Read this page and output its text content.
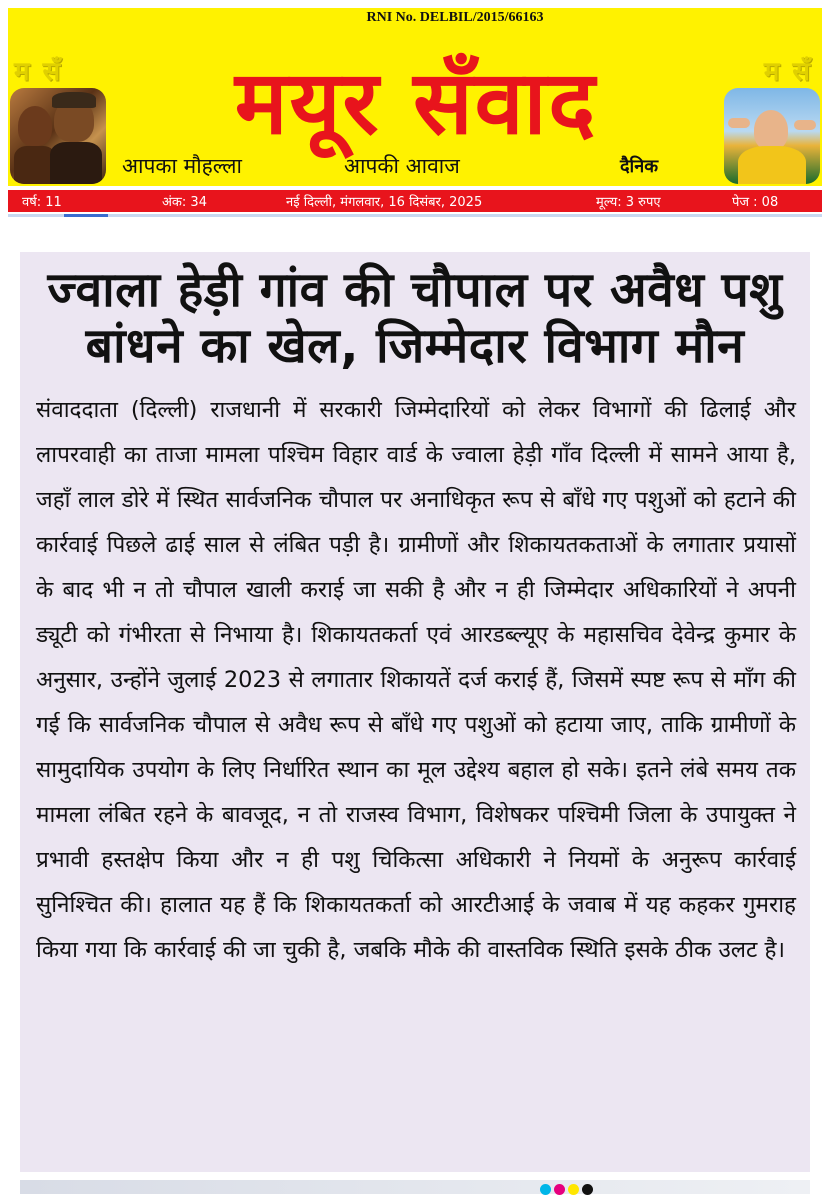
RNI No. DELBIL/2015/66163
म सँ	म सँ
मयूर सँवाद
आपका मौहल्ला	आपकी आवाज	दैनिक
वर्ष: 11	अंक: 34	नई दिल्ली, मंगलवार, 16 दिसंबर, 2025	मूल्य: 3 रुपए	पेज : 08
ज्वाला हेड़ी गांव की चौपाल पर अवैध पशु
बांधने का खेल, जिम्मेदार विभाग मौन

संवाददाता (दिल्ली) राजधानी में सरकारी जिम्मेदारियों को लेकर विभागों की ढिलाई और लापरवाही का ताजा मामला पश्चिम विहार वार्ड के ज्वाला हेड़ी गाँव दिल्ली में सामने आया है, जहाँ लाल डोरे में स्थित सार्वजनिक चौपाल पर अनाधिकृत रूप से बाँधे गए पशुओं को हटाने की कार्रवाई पिछले ढाई साल से लंबित पड़ी है। ग्रामीणों और शिकायतकताओं के लगातार प्रयासों के बाद भी न तो चौपाल खाली कराई जा सकी है और न ही जिम्मेदार अधिकारियों ने अपनी ड्यूटी को गंभीरता से निभाया है। शिकायतकर्ता एवं आरडब्ल्यूए के महासचिव देवेन्द्र कुमार के अनुसार, उन्होंने जुलाई 2023 से लगातार शिकायतें दर्ज कराई हैं, जिसमें स्पष्ट रूप से माँग की गई कि सार्वजनिक चौपाल से अवैध रूप से बाँधे गए पशुओं को हटाया जाए, ताकि ग्रामीणों के सामुदायिक उपयोग के लिए निर्धारित स्थान का मूल उद्देश्य बहाल हो सके। इतने लंबे समय तक मामला लंबित रहने के बावजूद, न तो राजस्व विभाग, विशेषकर पश्चिमी जिला के उपायुक्त ने प्रभावी हस्तक्षेप किया और न ही पशु चिकित्सा अधिकारी ने नियमों के अनुरूप कार्रवाई सुनिश्चित की। हालात यह हैं कि शिकायतकर्ता को आरटीआई के जवाब में यह कहकर गुमराह किया गया कि कार्रवाई की जा चुकी है, जबकि मौके की वास्तविक स्थिति इसके ठीक उलट है।
